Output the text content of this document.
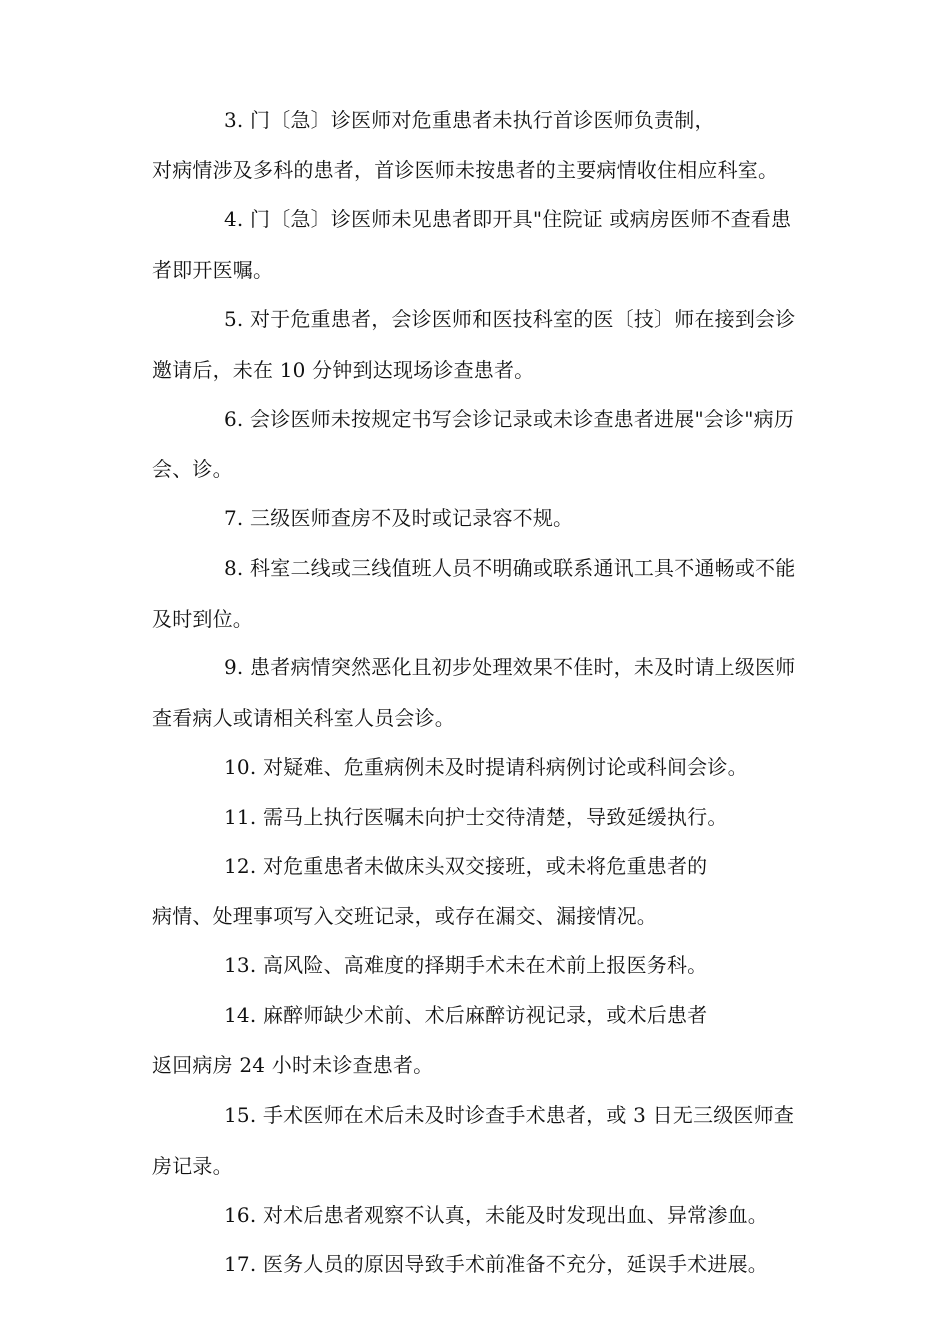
3. 门〔急〕诊医师对危重患者未执行首诊医师负责制，
对病情涉及多科的患者，首诊医师未按患者的主要病情收住相应科室。
4. 门〔急〕诊医师未见患者即开具"住院证 或病房医师不查看患
者即开医嘱。
5. 对于危重患者，会诊医师和医技科室的医〔技〕师在接到会诊
邀请后，未在 10 分钟到达现场诊查患者。
6. 会诊医师未按规定书写会诊记录或未诊查患者进展"会诊"病历
会、诊。
7. 三级医师查房不及时或记录容不规。
8. 科室二线或三线值班人员不明确或联系通讯工具不通畅或不能
及时到位。
9. 患者病情突然恶化且初步处理效果不佳时，未及时请上级医师
查看病人或请相关科室人员会诊。
10. 对疑难、危重病例未及时提请科病例讨论或科间会诊。
11. 需马上执行医嘱未向护士交待清楚，导致延缓执行。
12. 对危重患者未做床头双交接班，或未将危重患者的
病情、处理事项写入交班记录，或存在漏交、漏接情况。
13. 高风险、高难度的择期手术未在术前上报医务科。
14. 麻醉师缺少术前、术后麻醉访视记录，或术后患者
返回病房 24 小时未诊查患者。
15. 手术医师在术后未及时诊查手术患者，或 3 日无三级医师查
房记录。
16. 对术后患者观察不认真，未能及时发现出血、异常渗血。
17. 医务人员的原因导致手术前准备不充分，延误手术进展。
